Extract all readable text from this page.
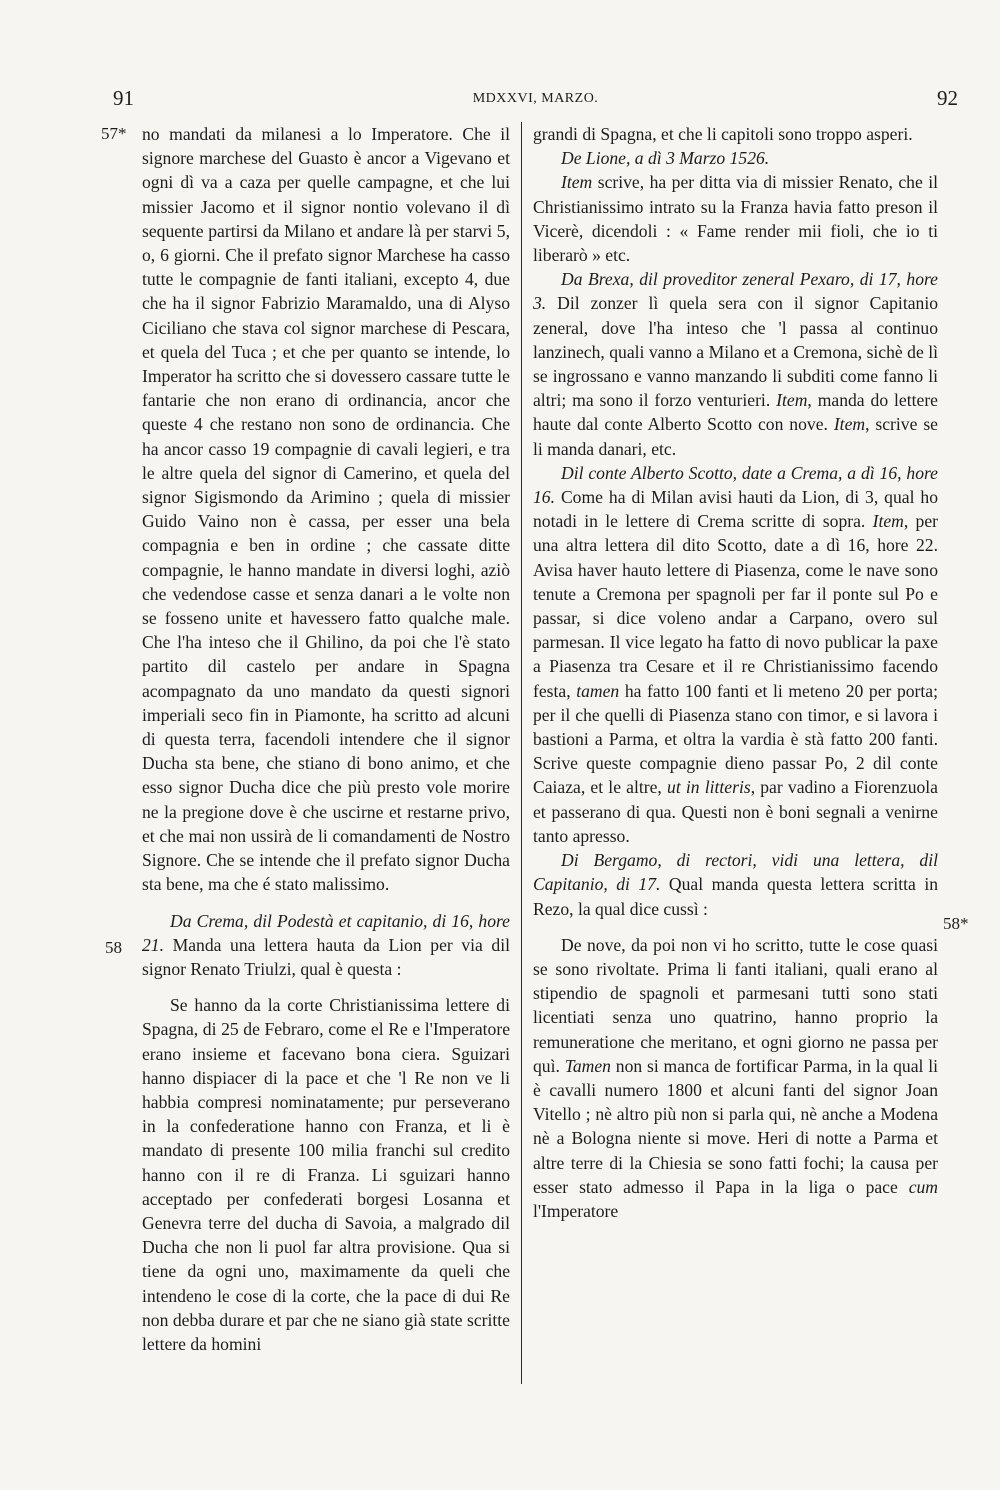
91	MDXXVI, MARZO.	92
57*
58
58*

no mandati da milanesi a lo Imperatore. Che il signore marchese del Guasto è ancor a Vigevano et ogni dì va a caza per quelle campagne, et che lui missier Jacomo et il signor nontio volevano il dì sequente partirsi da Milano et andare là per starvi 5, o, 6 giorni. Che il prefato signor Marchese ha casso tutte le compagnie de fanti italiani, excepto 4, due che ha il signor Fabrizio Maramaldo, una di Alyso Ciciliano che stava col signor marchese di Pescara, et quela del Tuca ; et che per quanto se intende, lo Imperator ha scritto che si dovessero cassare tutte le fantarie che non erano di ordinancia, ancor che queste 4 che restano non sono de ordinancia. Che ha ancor casso 19 compagnie di cavali legieri, e tra le altre quela del signor di Camerino, et quela del signor Sigismondo da Arimino ; quela di missier Guido Vaino non è cassa, per esser una bela compagnia e ben in ordine ; che cassate ditte compagnie, le hanno mandate in diversi loghi, aziò che vedendose casse et senza danari a le volte non se fosseno unite et havessero fatto qualche male. Che l'ha inteso che il Ghilino, da poi che l'è stato partito dil castelo per andare in Spagna acompagnato da uno mandato da questi signori imperiali seco fin in Piamonte, ha scritto ad alcuni di questa terra, facendoli intendere che il signor Ducha sta bene, che stiano di bono animo, et che esso signor Ducha dice che più presto vole morire ne la pregione dove è che uscirne et restarne privo, et che mai non ussirà de li comandamenti de Nostro Signore. Che se intende che il prefato signor Ducha sta bene, ma che é stato malissimo.

Da Crema, dil Podestà et capitanio, di 16, hore 21. Manda una lettera hauta da Lion per via dil signor Renato Triulzi, qual è questa :

Se hanno da la corte Christianissima lettere di Spagna, di 25 de Febraro, come el Re e l'Imperatore erano insieme et facevano bona ciera. Sguizari hanno dispiacer di la pace et che 'l Re non ve li habbia compresi nominatamente; pur perseverano in la confederatione hanno con Franza, et li è mandato di presente 100 milia franchi sul credito hanno con il re di Franza. Li sguizari hanno acceptado per confederati borgesi Losanna et Genevra terre del ducha di Savoia, a malgrado dil Ducha che non li puol far altra provisione. Qua si tiene da ogni uno, maximamente da queli che intendeno le cose di la corte, che la pace di dui Re non debba durare et par che ne siano già state scritte lettere da homini

grandi di Spagna, et che li capitoli sono troppo asperi.

De Lione, a dì 3 Marzo 1526.

Item scrive, ha per ditta via di missier Renato, che il Christianissimo intrato su la Franza havia fatto preson il Vicerè, dicendoli : « Fame render mii fioli, che io ti liberarò » etc.

Da Brexa, dil proveditor zeneral Pexaro, di 17, hore 3. Dil zonzer lì quela sera con il signor Capitanio zeneral, dove l'ha inteso che 'l passa al continuo lanzinech, quali vanno a Milano et a Cremona, sichè de lì se ingrossano e vanno manzando li subditi come fanno li altri; ma sono il forzo venturieri. Item, manda do lettere haute dal conte Alberto Scotto con nove. Item, scrive se li manda danari, etc.

Dil conte Alberto Scotto, date a Crema, a dì 16, hore 16. Come ha di Milan avisi hauti da Lion, di 3, qual ho notadi in le lettere di Crema scritte di sopra. Item, per una altra lettera dil dito Scotto, date a dì 16, hore 22. Avisa haver hauto lettere di Piasenza, come le nave sono tenute a Cremona per spagnoli per far il ponte sul Po e passar, si dice voleno andar a Carpano, overo sul parmesan. Il vice legato ha fatto di novo publicar la paxe a Piasenza tra Cesare et il re Christianissimo facendo festa, tamen ha fatto 100 fanti et li meteno 20 per porta; per il che quelli di Piasenza stano con timor, e si lavora i bastioni a Parma, et oltra la vardia è stà fatto 200 fanti. Scrive queste compagnie dieno passar Po, 2 dil conte Caiaza, et le altre, ut in litteris, par vadino a Fiorenzuola et passerano di qua. Questi non è boni segnali a venirne tanto apresso.

Di Bergamo, di rectori, vidi una lettera, dil Capitanio, di 17. Qual manda questa lettera scritta in Rezo, la qual dice cussì :

De nove, da poi non vi ho scritto, tutte le cose quasi se sono rivoltate. Prima li fanti italiani, quali erano al stipendio de spagnoli et parmesani tutti sono stati licentiati senza uno quatrino, hanno proprio la remuneratione che meritano, et ogni giorno ne passa per quì. Tamen non si manca de fortificar Parma, in la qual li è cavalli numero 1800 et alcuni fanti del signor Joan Vitello ; nè altro più non si parla qui, nè anche a Modena nè a Bologna niente si move. Heri di notte a Parma et altre terre di la Chiesia se sono fatti fochi; la causa per esser stato admesso il Papa in la liga o pace cum l'Imperatore
